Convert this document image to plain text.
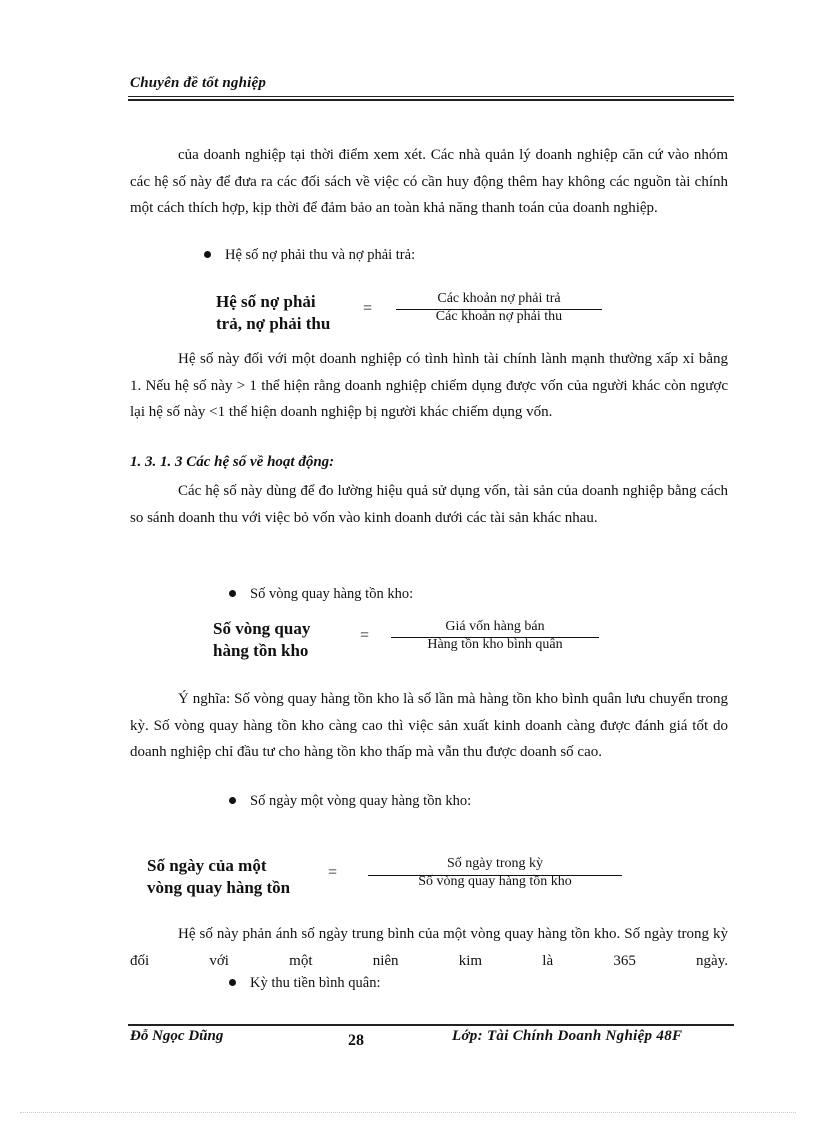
Chuyên đề tốt nghiệp

của doanh nghiệp tại thời điểm xem xét. Các nhà quản lý doanh nghiệp căn cứ vào nhóm các hệ số này để đưa ra các đối sách về việc có cần huy động thêm hay không các nguồn tài chính một cách thích hợp, kịp thời để đảm bảo an toàn khả năng thanh toán của doanh nghiệp.

Hệ số nợ phải thu và nợ phải trả:
Hệ số nợ phải
trả, nợ phải thu
=
Các khoản nợ phải trả
Các khoản nợ phải thu

Hệ số này đối với một doanh nghiệp có tình hình tài chính lành mạnh thường xấp xỉ bằng 1. Nếu hệ số này > 1 thể hiện rằng doanh nghiệp chiếm dụng được vốn của người khác còn ngược lại hệ số này <1 thể hiện doanh nghiệp bị người khác chiếm dụng vốn.

1. 3. 1. 3 Các hệ số về hoạt động:

Các hệ số này dùng để đo lường hiệu quả sử dụng vốn, tài sản của doanh nghiệp bằng cách so sánh doanh thu với việc bỏ vốn vào kinh doanh dưới các tài sản khác nhau.

Số vòng quay hàng tồn kho:
Số vòng quay
hàng tồn kho
=
Giá vốn hàng bán
Hàng tồn kho bình quân

Ý nghĩa: Số vòng quay hàng tồn kho là số lần mà hàng tồn kho bình quân lưu chuyển trong kỳ. Số vòng quay hàng tồn kho càng cao thì việc sản xuất kinh doanh càng được đánh giá tốt do doanh nghiệp chỉ đầu tư cho hàng tồn kho thấp mà vẫn thu được doanh số cao.

Số ngày một vòng quay hàng tồn kho:
Số ngày của một
vòng quay hàng tồn
=
Số ngày trong kỳ
Số vòng quay hàng tồn kho

Hệ số này phản ánh số ngày trung bình của một vòng quay hàng tồn kho. Số ngày trong kỳ đối với một niên kim là 365 ngày.

Kỳ thu tiền bình quân:
Đỗ Ngọc Dũng	28	Lớp: Tài Chính Doanh Nghiệp 48F
